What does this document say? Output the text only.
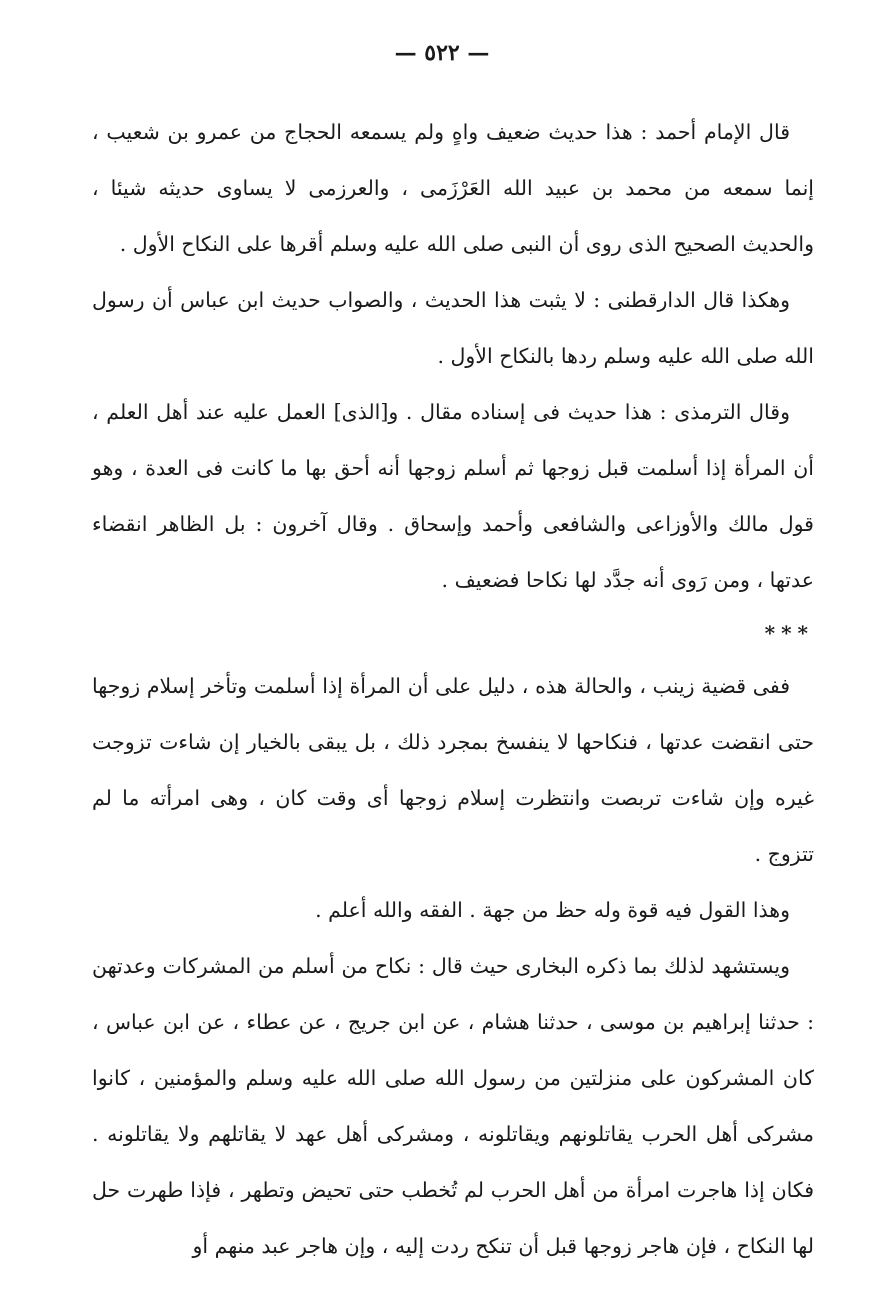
— ٥٢٢ —

قال الإمام أحمد : هذا حديث ضعيف واهٍ ولم يسمعه الحجاج من عمرو بن شعيب ، إنما سمعه من محمد بن عبيد الله العَرْزَمى ، والعرزمى لا يساوى حديثه شيئا ، والحديث الصحيح الذى روى أن النبى صلى الله عليه وسلم أقرها على النكاح الأول .

وهكذا قال الدارقطنى : لا يثبت هذا الحديث ، والصواب حديث ابن عباس أن رسول الله صلى الله عليه وسلم ردها بالنكاح الأول .

وقال الترمذى : هذا حديث فى إسناده مقال . و[الذى] العمل عليه عند أهل العلم ، أن المرأة إذا أسلمت قبل زوجها ثم أسلم زوجها أنه أحق بها ما كانت فى العدة ، وهو قول مالك والأوزاعى والشافعى وأحمد وإسحاق . وقال آخرون : بل الظاهر انقضاء عدتها ، ومن رَوى أنه جدَّد لها نكاحا فضعيف .

***

ففى قضية زينب ، والحالة هذه ، دليل على أن المرأة إذا أسلمت وتأخر إسلام زوجها حتى انقضت عدتها ، فنكاحها لا ينفسخ بمجرد ذلك ، بل يبقى بالخيار إن شاءت تزوجت غيره وإن شاءت تربصت وانتظرت إسلام زوجها أى وقت كان ، وهى امرأته ما لم تتزوج .

وهذا القول فيه قوة وله حظ من جهة . الفقه والله أعلم .

ويستشهد لذلك بما ذكره البخارى حيث قال : نكاح من أسلم من المشركات وعدتهن : حدثنا إبراهيم بن موسى ، حدثنا هشام ، عن ابن جريج ، عن عطاء ، عن ابن عباس ، كان المشركون على منزلتين من رسول الله صلى الله عليه وسلم والمؤمنين ، كانوا مشركى أهل الحرب يقاتلونهم ويقاتلونه ، ومشركى أهل عهد لا يقاتلهم ولا يقاتلونه . فكان إذا هاجرت امرأة من أهل الحرب لم تُخطب حتى تحيض وتطهر ، فإذا طهرت حل لها النكاح ، فإن هاجر زوجها قبل أن تنكح ردت إليه ، وإن هاجر عبد منهم أو
